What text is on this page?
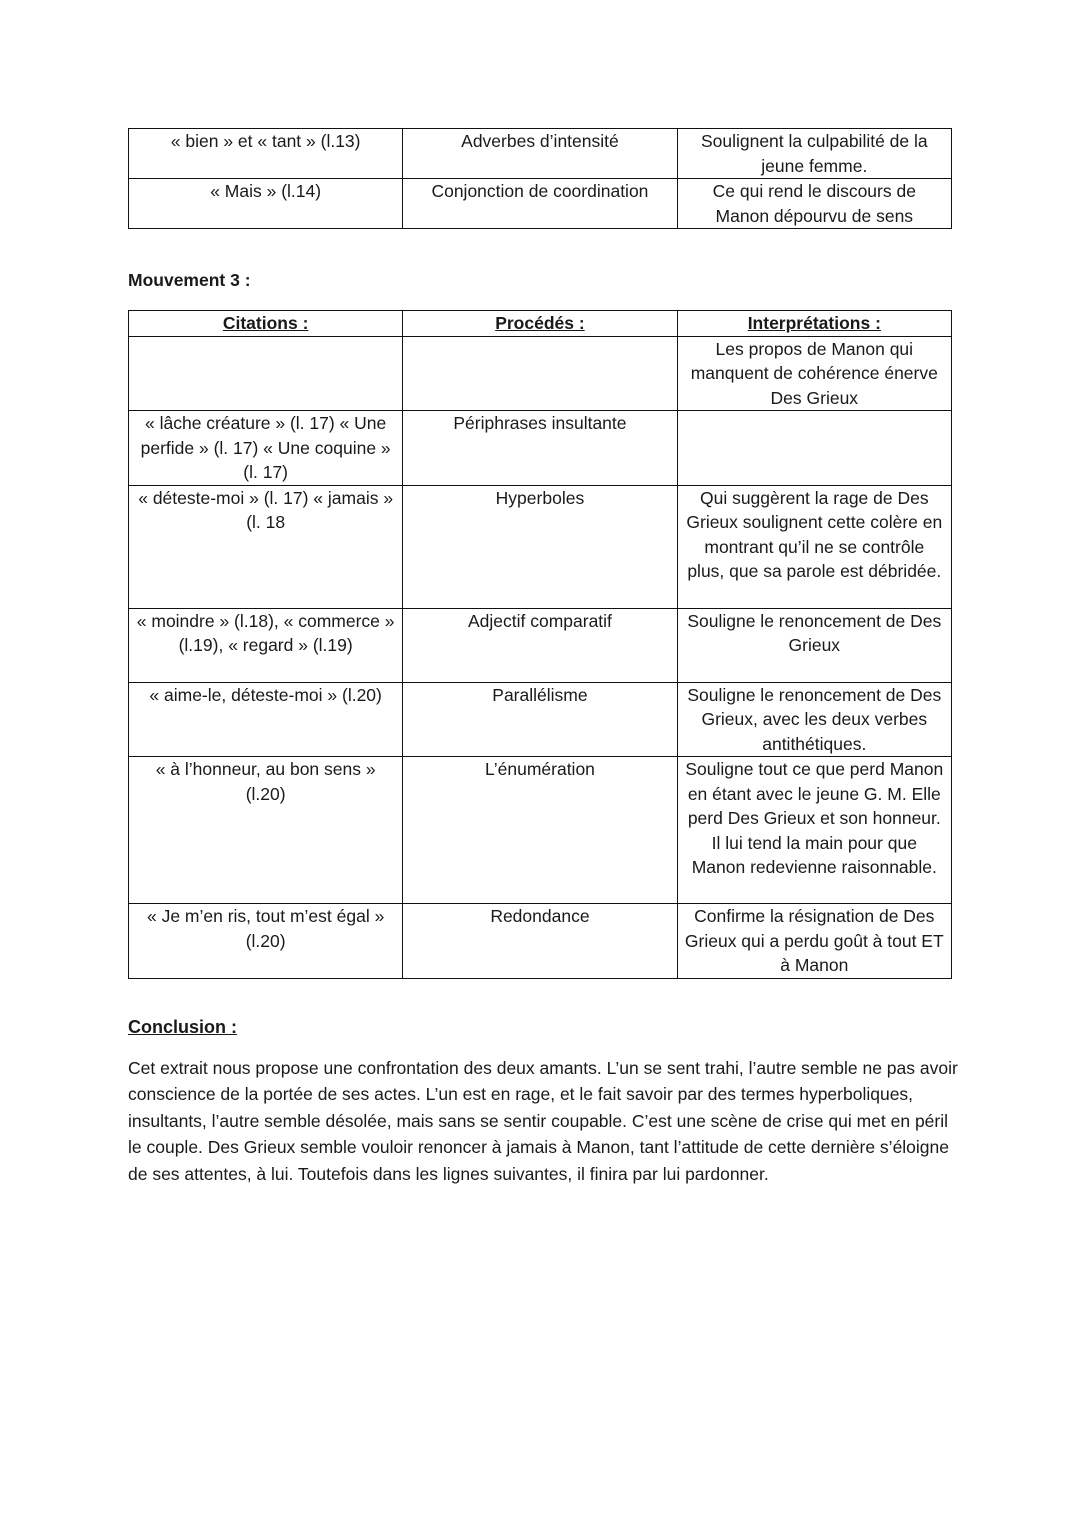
« bien » et « tant » (l.13)	Adverbes d’intensité	Soulignent la culpabilité de la jeune femme.
« Mais » (l.14)	Conjonction de coordination	Ce qui rend le discours de Manon dépourvu de sens

Mouvement 3 :

Citations :	Procédés :	Interprétations :
		Les propos de Manon qui manquent de cohérence énerve Des Grieux
« lâche créature » (l. 17) « Une perfide » (l. 17) « Une coquine » (l. 17)	Périphrases insultante	
« déteste-moi » (l. 17) « jamais » (l. 18	Hyperboles	Qui suggèrent la rage de Des Grieux soulignent cette colère en montrant qu’il ne se contrôle plus, que sa parole est débridée.
« moindre » (l.18), « commerce » (l.19), « regard » (l.19)	Adjectif comparatif	Souligne le renoncement de Des Grieux
« aime-le, déteste-moi » (l.20)	Parallélisme	Souligne le renoncement de Des Grieux, avec les deux verbes antithétiques.
« à l’honneur, au bon sens » (l.20)	L’énumération	Souligne tout ce que perd Manon en étant avec le jeune G. M. Elle perd Des Grieux et son honneur. Il lui tend la main pour que Manon redevienne raisonnable.
« Je m’en ris, tout m’est égal » (l.20)	Redondance	Confirme la résignation de Des Grieux qui a perdu goût à tout ET à Manon

Conclusion :

Cet extrait nous propose une confrontation des deux amants. L’un se sent trahi, l’autre semble ne pas avoir conscience de la portée de ses actes. L’un est en rage, et le fait savoir par des termes hyperboliques, insultants, l’autre semble désolée, mais sans se sentir coupable. C’est une scène de crise qui met en péril le couple. Des Grieux semble vouloir renoncer à jamais à Manon, tant l’attitude de cette dernière s’éloigne de ses attentes, à lui. Toutefois dans les lignes suivantes, il finira par lui pardonner.
